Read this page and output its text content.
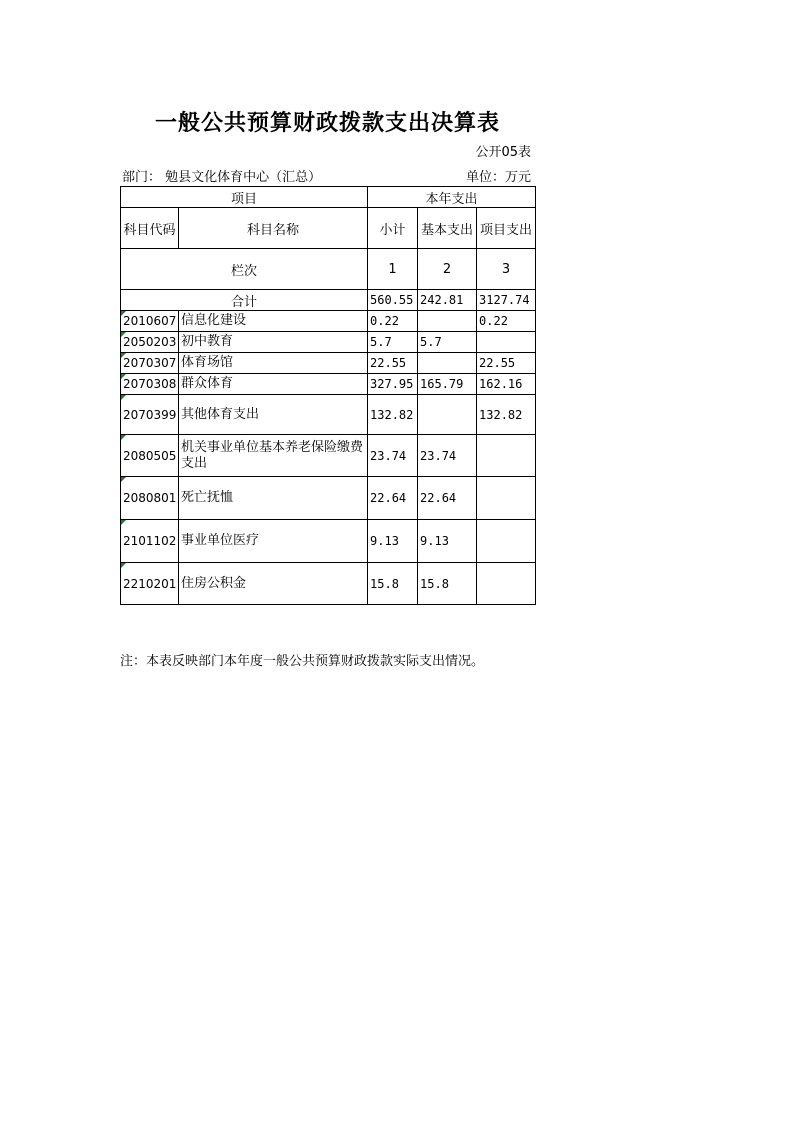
一般公共预算财政拨款支出决算表
公开05表
部门： 勉县文化体育中心（汇总）	单位：万元
项目		本年支出		
科目代码	科目名称	小计	基本支出	项目支出
栏次		1	2	3
合计		560.55	242.81	3127.74
2010607	信息化建设	0.22		0.22
2050203	初中教育	5.7	5.7	
2070307	体育场馆	22.55		22.55
2070308	群众体育	327.95	165.79	162.16
2070399	其他体育支出	132.82		132.82
2080505	机关事业单位基本养老保险缴费支出	23.74	23.74	
2080801	死亡抚恤	22.64	22.64	
2101102	事业单位医疗	9.13	9.13	
2210201	住房公积金	15.8	15.8	
注：本表反映部门本年度一般公共预算财政拨款实际支出情况。
